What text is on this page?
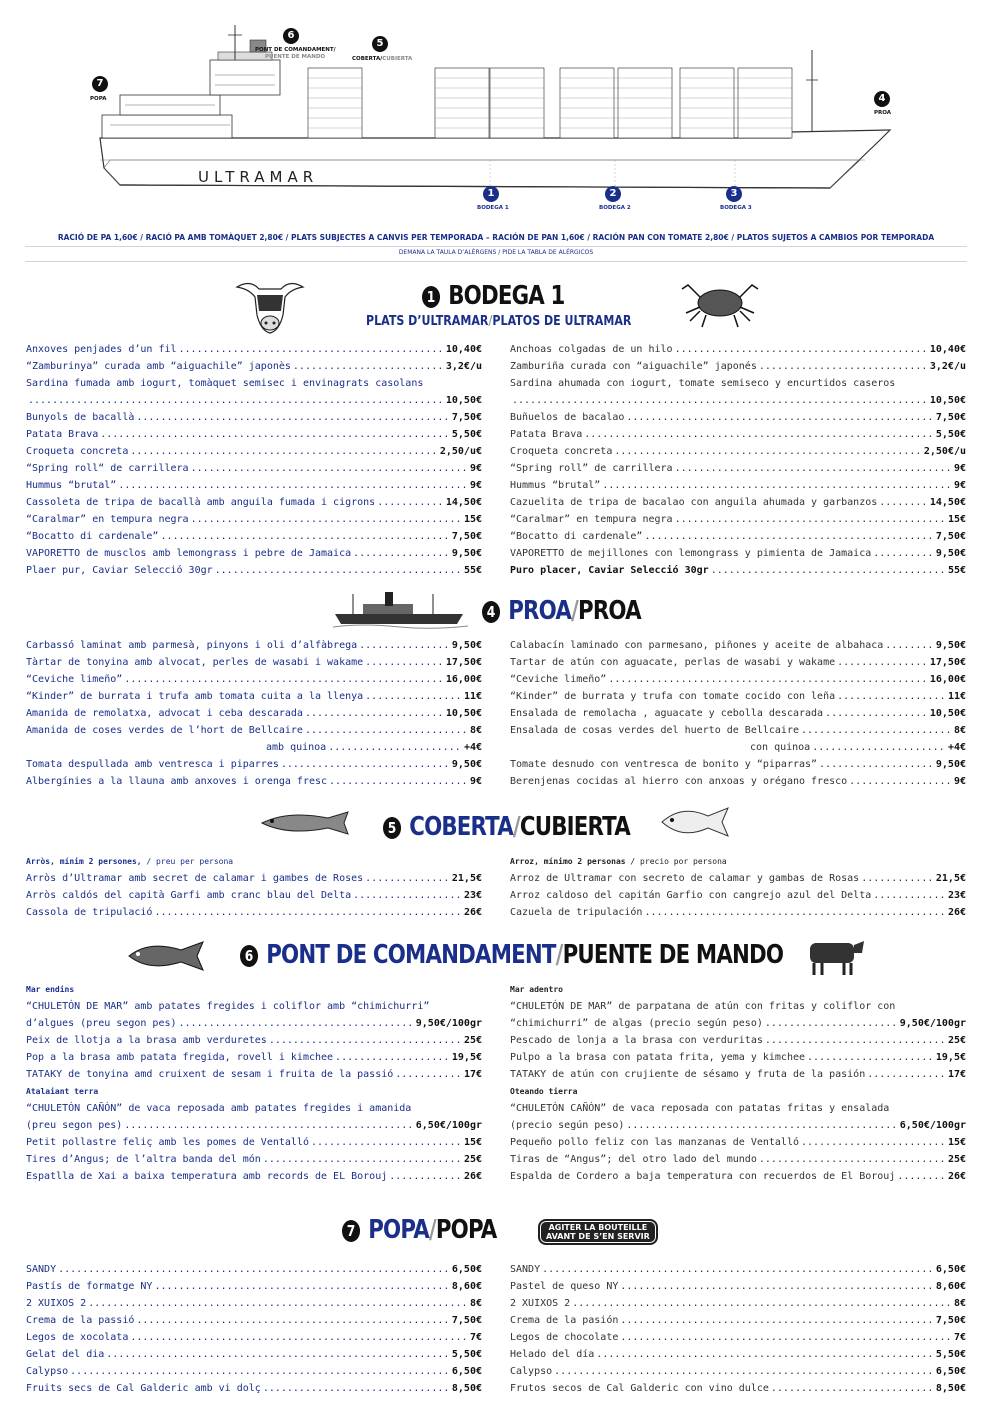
ULTRAMAR
7
POPA
6
PONT DE COMANDAMENT/
PUENTE DE MANDO
5
COBERTA/CUBIERTA
4
PROA
1
BODEGA 1
2
BODEGA 2
3
BODEGA 3
RACIÓ DE PA 1,60€ / RACIÓ PA AMB TOMÀQUET 2,80€ / PLATS SUBJECTES A CANVIS PER TEMPORADA – RACIÓN DE PAN 1,60€ / RACIÓN PAN CON TOMATE 2,80€ / PLATOS SUJETOS A CAMBIOS POR TEMPORADA
DEMANA LA TAULA D’ALÈRGENS / PIDE LA TABLA DE ALÉRGICOS
1 BODEGA 1
PLATS D’ULTRAMAR/PLATOS DE ULTRAMAR
Anxoves penjades d’un fil .....	10,40€
“Zamburinya” curada amb “aiguachile” japonès .....	3,2€/u
Sardina fumada amb iogurt, tomàquet semisec i envinagrats casolans
.....
10,50€
Bunyols de bacallà .....	7,50€
Patata Brava .....	5,50€
Croqueta concreta .....	2,50/u€
“Spring roll“ de carrillera .....	9€
Hummus “brutal” .....	9€
Cassoleta de tripa de bacallà amb anguila fumada i cigrons .....	14,50€
“Caralmar” en tempura negra .....	15€
“Bocatto di cardenale” .....	7,50€
VAPORETTO de musclos amb lemongrass i pebre de Jamaica .....	9,50€
Plaer pur, Caviar Selecció 30gr .....	55€
Anchoas colgadas de un hilo .....	10,40€
Zamburiña curada con “aiguachile” japonés .....	3,2€/u
Sardina ahumada con iogurt, tomate semiseco y encurtidos caseros
.....
10,50€
Buñuelos de bacalao .....	7,50€
Patata Brava .....	5,50€
Croqueta concreta .....	2,50€/u
“Spring roll” de carrillera .....	9€
Hummus “brutal” .....	9€
Cazuelita de tripa de bacalao con anguila ahumada y garbanzos .....	14,50€
“Caralmar” en tempura negra .....	15€
“Bocatto di cardenale” .....	7,50€
VAPORETTO de mejillones con lemongrass y pimienta de Jamaica .....	9,50€
Puro placer, Caviar Selecció 30gr .....	55€
4 PROA/PROA
Carbassó laminat amb parmesà, pinyons i oli d’alfàbrega .....	9,50€
Tàrtar de tonyina amb alvocat, perles de wasabi i wakame .....	17,50€
“Ceviche limeño” .....	16,00€
“Kinder” de burrata i trufa amb tomata cuita a la llenya .....	11€
Amanida de remolatxa, advocat i ceba descarada .....	10,50€
Amanida de coses verdes de l’hort de Bellcaire .....	8€
amb quinoa .....	+4€
Tomata despullada amb ventresca i piparres .....	9,50€
Albergínies a la llauna amb anxoves i orenga fresc .....	9€
Calabacín laminado con parmesano, piñones y aceite de albahaca .....	9,50€
Tartar de atún con aguacate, perlas de wasabi y wakame .....	17,50€
“Ceviche limeño” .....	16,00€
“Kinder” de burrata y trufa con tomate cocido con leña .....	11€
Ensalada de remolacha , aguacate y cebolla descarada .....	10,50€
Ensalada de cosas verdes del huerto de Bellcaire .....	8€
con quinoa .....	+4€
Tomate desnudo con ventresca de bonito y “piparras” .....	9,50€
Berenjenas cocidas al hierro con anxoas y orégano fresco .....	9€
5 COBERTA/CUBIERTA
Arròs, mínim 2 persones, / preu per persona
Arròs d’Ultramar amb secret de calamar i gambes de Roses .....	21,5€
Arròs caldós del capità Garfi amb cranc blau del Delta .....	23€
Cassola de tripulació .....	26€
Arroz, mínimo 2 personas / precio por persona
Arroz de Ultramar con secreto de calamar y gambas de Rosas .....	21,5€
Arroz caldoso del capitán Garfio con cangrejo azul del Delta .....	23€
Cazuela de tripulación .....	26€
6 PONT DE COMANDAMENT/PUENTE DE MANDO
Mar endins
“CHULETÓN DE MAR” amb patates fregides i coliflor amb “chimichurri”
d’algues (preu segon pes) .....	9,50€/100gr
Peix de llotja a la brasa amb verduretes .....	25€
Pop a la brasa amb patata fregida, rovell i kimchee .....	19,5€
TATAKY de tonyina amd cruixent de sesam i fruita de la passió .....	17€
Atalaiant terra
“CHULETÓN CAÑÓN” de vaca reposada amb patates fregides i amanida
(preu segon pes) .....	6,50€/100gr
Petit pollastre feliç amb les pomes de Ventalló .....	15€
Tires d’Angus; de l’altra banda del món .....	25€
Espatlla de Xai a baixa temperatura amb records de EL Borouj .....	26€
Mar adentro
“CHULETÓN DE MAR” de parpatana de atún con fritas y coliflor con
“chimichurri” de algas (precio según peso) .....	9,50€/100gr
Pescado de lonja a la brasa con verduritas .....	25€
Pulpo a la brasa con patata frita, yema y kimchee .....	19,5€
TATAKY de atún con crujiente de sésamo y fruta de la pasión .....	17€
Oteando tierra
“CHULETÓN CAÑÓN” de vaca reposada con patatas fritas y ensalada
(precio según peso) .....	6,50€/100gr
Pequeño pollo feliz con las manzanas de Ventalló .....	15€
Tiras de “Angus”; del otro lado del mundo .....	25€
Espalda de Cordero a baja temperatura con recuerdos de El Borouj .....	26€
7 POPA/POPA	AGITER LA BOUTEILLE
AVANT DE S’EN SERVIR
SANDY .....	6,50€
Pastís de formatge NY .....	8,60€
2 XUIXOS 2 .....	8€
Crema de la passió .....	7,50€
Legos de xocolata .....	7€
Gelat del dia .....	5,50€
Calypso .....	6,50€
Fruits secs de Cal Galderic amb vi dolç .....	8,50€
SANDY .....	6,50€
Pastel de queso NY .....	8,60€
2 XUIXOS 2 .....	8€
Crema de la pasión .....	7,50€
Legos de chocolate .....	7€
Helado del día .....	5,50€
Calypso .....	6,50€
Frutos secos de Cal Galderic con vino dulce .....	8,50€
